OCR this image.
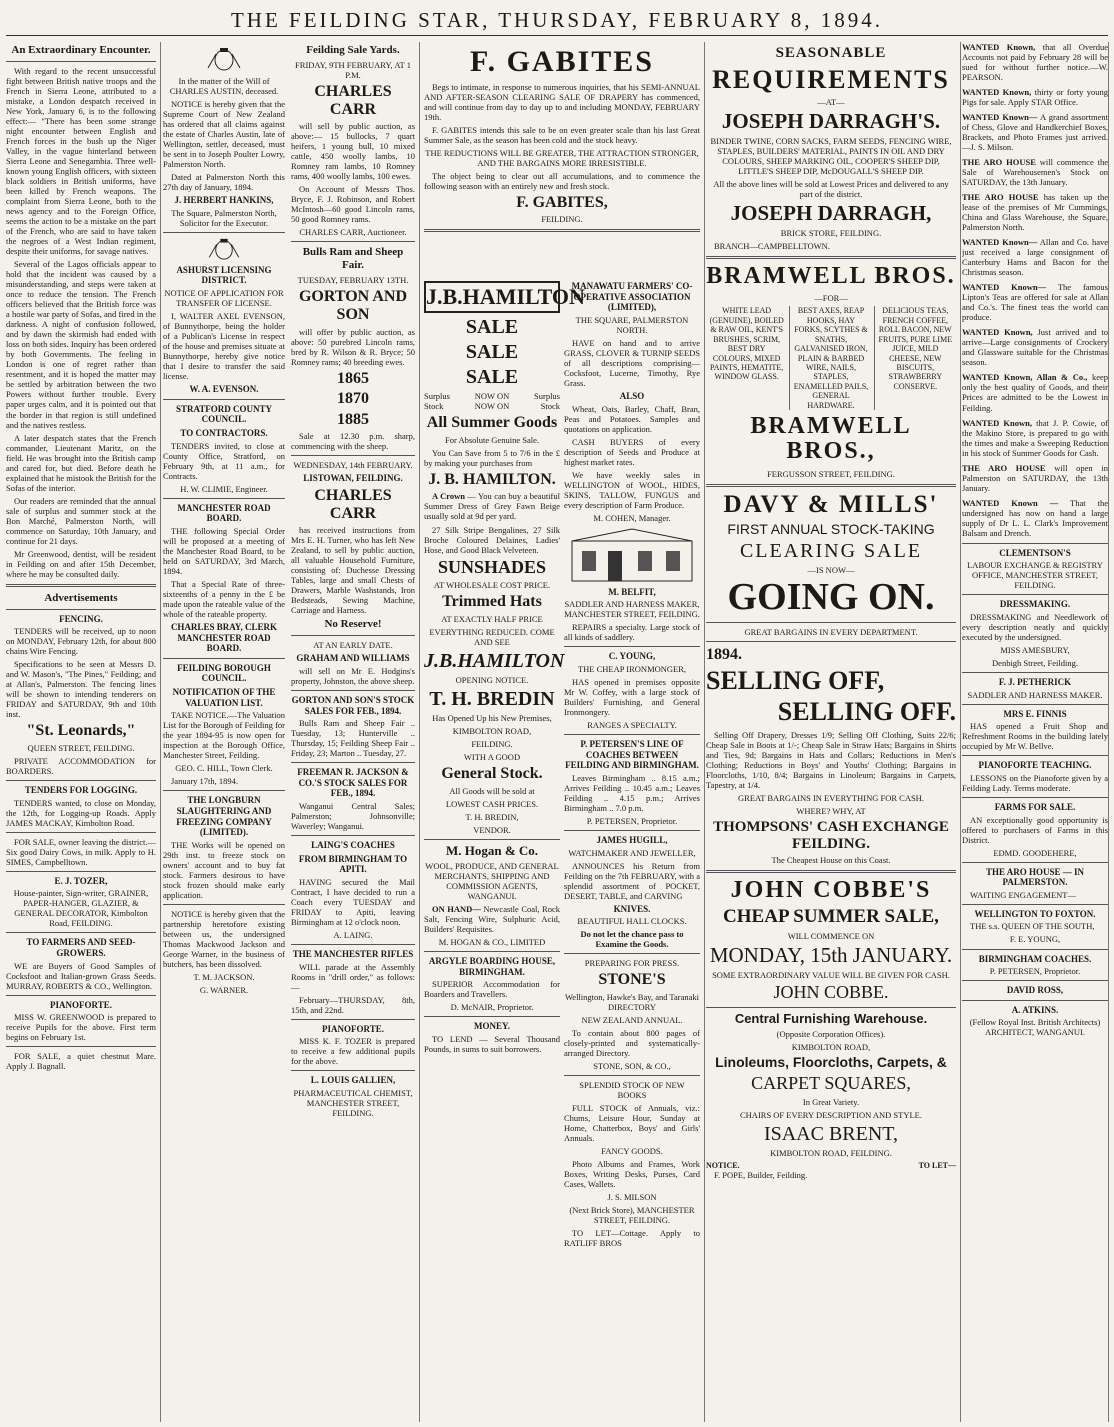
THE FEILDING STAR, THURSDAY, FEBRUARY 8, 1894.
An Extraordinary Encounter.

With regard to the recent unsuccessful fight between British native troops and the French in Sierra Leone, attributed to a mistake, a London despatch received in New York, January 6, is to the following effect:— "There has been some strange night encounter between English and French forces in the bush up the Niger Valley, in the vague hinterland between Sierra Leone and Senegambia. Three well-known young English officers, with sixteen black soldiers in British uniforms, have been killed by French weapons. The complaint from Sierra Leone, both to the news agency and to the Foreign Office, seems the action to be a mistake on the part of the French, who are said to have taken the negroes of a West Indian regiment, despite their uniforms, for savage natives.

Several of the Lagos officials appear to hold that the incident was caused by a misunderstanding, and steps were taken at once to reduce the tension. The French officers believed that the British force was a hostile war party of Sofas, and fired in the darkness. A night of confusion followed, and by dawn the skirmish had ended with loss on both sides. Inquiry has been ordered by both Governments. The feeling in London is one of regret rather than resentment, and it is hoped the matter may be settled by arbitration between the two Powers without further trouble. Every paper urges calm, and it is pointed out that the border in that region is still undefined and the natives restless.

A later despatch states that the French commander, Lieutenant Maritz, on the field. He was brought into the British camp and cared for, but died. Before death he explained that he mistook the British for the Sofas of the interior.

Our readers are reminded that the annual sale of surplus and summer stock at the Bon Marché, Palmerston North, will commence on Saturday, 10th January, and continue for 21 days.

Mr Greenwood, dentist, will be resident in Feilding on and after 15th December, where he may be consulted daily.

Advertisements
FENCING.

TENDERS will be received, up to noon on MONDAY, February 12th, for about 800 chains Wire Fencing.

Specifications to be seen at Messrs D. and W. Mason's, "The Pines," Feilding; and at Allan's, Palmerston. The fencing lines will be shown to intending tenderers on FRIDAY and SATURDAY, 9th and 10th inst.

"St. Leonards,"

QUEEN STREET, FEILDING.

PRIVATE ACCOMMODATION for BOARDERS.

TENDERS FOR LOGGING.

TENDERS wanted, to close on Monday, the 12th, for Logging-up Roads. Apply JAMES MACKAY, Kimbolton Road.

FOR SALE, owner leaving the district.—Six good Dairy Cows, in milk. Apply to H. SIMES, Campbelltown.

E. J. TOZER,

House-painter, Sign-writer, GRAINER, PAPER-HANGER, GLAZIER, & GENERAL DECORATOR, Kimbolton Road, FEILDING.

TO FARMERS AND SEED-GROWERS.

WE are Buyers of Good Samples of Cocksfoot and Italian-grown Grass Seeds. MURRAY, ROBERTS & CO., Wellington.

PIANOFORTE.

MISS W. GREENWOOD is prepared to receive Pupils for the above. First term begins on February 1st.

FOR SALE, a quiet chestnut Mare. Apply J. Bagnall.

In the matter of the Will of CHARLES AUSTIN, deceased.

NOTICE is hereby given that the Supreme Court of New Zealand has ordered that all claims against the estate of Charles Austin, late of Wellington, settler, deceased, must be sent in to Joseph Poulter Lowry, Palmerston North.

Dated at Palmerston North this 27th day of January, 1894.

J. HERBERT HANKINS,

The Square, Palmerston North, Solicitor for the Executor.

ASHURST LICENSING DISTRICT.

NOTICE OF APPLICATION FOR TRANSFER OF LICENSE.

I, WALTER AXEL EVENSON, of Bunnythorpe, being the holder of a Publican's License in respect of the house and premises situate at Bunnythorpe, hereby give notice that I desire to transfer the said license.

W. A. EVENSON.
STRATFORD COUNTY COUNCIL.
TO CONTRACTORS.

TENDERS invited, to close at County Office, Stratford, on February 9th, at 11 a.m., for Contracts.

H. W. CLIMIE, Engineer.

MANCHESTER ROAD BOARD.

THE following Special Order will be proposed at a meeting of the Manchester Road Board, to be held on SATURDAY, 3rd March, 1894.

That a Special Rate of three-sixteenths of a penny in the £ be made upon the rateable value of the whole of the rateable property.

CHARLES BRAY, CLERK MANCHESTER ROAD BOARD.
FEILDING BOROUGH COUNCIL.
NOTIFICATION OF THE VALUATION LIST.

TAKE NOTICE.—The Valuation List for the Borough of Feilding for the year 1894-95 is now open for inspection at the Borough Office, Manchester Street, Feilding.

GEO. C. HILL, Town Clerk.

January 17th, 1894.

THE LONGBURN SLAUGHTERING AND FREEZING COMPANY (LIMITED).

THE Works will be opened on 29th inst. to freeze stock on owners' account and to buy fat stock. Farmers desirous to have stock frozen should make early application.

NOTICE is hereby given that the partnership heretofore existing between us, the undersigned Thomas Mackwood Jackson and George Warner, in the business of butchers, has been dissolved.

T. M. JACKSON.

G. WARNER.

Feilding Sale Yards.

FRIDAY, 9TH FEBRUARY, AT 1 P.M.

CHARLES CARR

will sell by public auction, as above:— 15 bullocks, 7 quart heifers, 1 young bull, 10 mixed cattle, 450 woolly lambs, 10 Romney ram lambs, 10 Romney rams, 400 woolly lambs, 100 ewes.

On Account of Messrs Thos. Bryce, F. J. Robinson, and Robert McIntosh—60 good Lincoln rams, 50 good Romney rams.

CHARLES CARR, Auctioneer.

Bulls Ram and Sheep Fair.

TUESDAY, FEBRUARY 13TH.

GORTON AND SON

will offer by public auction, as above: 50 purebred Lincoln rams, bred by R. Wilson & R. Bryce; 50 Romney rams; 40 breeding ewes.

1865
1870
1885

Sale at 12.30 p.m. sharp, commencing with the sheep.

WEDNESDAY, 14th FEBRUARY.

LISTOWAN, FEILDING.
CHARLES CARR

has received instructions from Mrs E. H. Turner, who has left New Zealand, to sell by public auction, all valuable Household Furniture, consisting of: Duchesse Dressing Tables, large and small Chests of Drawers, Marble Washstands, Iron Bedsteads, Sewing Machine, Carriage and Harness.

No Reserve!

AT AN EARLY DATE.

GRAHAM AND WILLIAMS

will sell on Mr E. Hodgins's property, Johnston, the above sheep.

GORTON AND SON'S STOCK SALES FOR FEB., 1894.

Bulls Ram and Sheep Fair .. Tuesday, 13; Hunterville .. Thursday, 15; Feilding Sheep Fair .. Friday, 23; Marton .. Tuesday, 27.

FREEMAN R. JACKSON & CO.'S STOCK SALES FOR FEB., 1894.

Wanganui Central Sales; Palmerston; Johnsonville; Waverley; Wanganui.

LAING'S COACHES
FROM BIRMINGHAM TO APITI.

HAVING secured the Mail Contract, I have decided to run a Coach every TUESDAY and FRIDAY to Apiti, leaving Birmingham at 12 o'clock noon.

A. LAING.

THE MANCHESTER RIFLES

WILL parade at the Assembly Rooms in "drill order," as follows:—

February—THURSDAY, 8th, 15th, and 22nd.

PIANOFORTE.

MISS K. F. TOZER is prepared to receive a few additional pupils for the above.

L. LOUIS GALLIEN,

PHARMACEUTICAL CHEMIST, MANCHESTER STREET, FEILDING.

F. GABITES

Begs to intimate, in response to numerous inquiries, that his SEMI-ANNUAL AND AFTER-SEASON CLEARING SALE OF DRAPERY has commenced, and will continue from day to day up to and including MONDAY, FEBRUARY 19th.

F. GABITES intends this sale to be on even greater scale than his last Great Summer Sale, as the season has been cold and the stock heavy.

THE REDUCTIONS WILL BE GREATER, THE ATTRACTION STRONGER, AND THE BARGAINS MORE IRRESISTIBLE.

The object being to clear out all accumulations, and to commence the following season with an entirely new and fresh stock.

F. GABITES,

FEILDING.

J.B.HAMILTON
SALE
SALE
SALE
Surplus	NOW ON	Surplus
Stock	NOW ON	Stock
All Summer Goods

For Absolute Genuine Sale.

You Can Save from 5 to 7/6 in the £ by making your purchases from

J. B. HAMILTON.

A Crown — You can buy a beautiful Summer Dress of Grey Fawn Beige usually sold at 9d per yard.

27 Silk Stripe Bengalines, 27 Silk Broche Coloured Delaines, Ladies' Hose, and Good Black Velveteen.

SUNSHADES

AT WHOLESALE COST PRICE.

Trimmed Hats

AT EXACTLY HALF PRICE

EVERYTHING REDUCED. COME AND SEE

J.B.HAMILTON

OPENING NOTICE.

T. H. BREDIN

Has Opened Up his New Premises,

KIMBOLTON ROAD,

FEILDING.

WITH A GOOD

General Stock.

All Goods will be sold at

LOWEST CASH PRICES.

T. H. BREDIN,

VENDOR.

M. Hogan & Co.

WOOL, PRODUCE, AND GENERAL MERCHANTS, SHIPPING AND COMMISSION AGENTS, WANGANUI.

ON HAND— Newcastle Coal, Rock Salt, Fencing Wire, Sulphuric Acid, Builders' Requisites.

M. HOGAN & CO., LIMITED

ARGYLE BOARDING HOUSE, BIRMINGHAM.

SUPERIOR Accommodation for Boarders and Travellers.

D. McNAIR, Proprietor.

MONEY.

TO LEND — Several Thousand Pounds, in sums to suit borrowers.

MANAWATU FARMERS' CO-OPERATIVE ASSOCIATION (LIMITED),

THE SQUARE, PALMERSTON NORTH.

HAVE on hand and to arrive GRASS, CLOVER & TURNIP SEEDS of all descriptions comprising—Cocksfoot, Lucerne, Timothy, Rye Grass.

ALSO

Wheat, Oats, Barley, Chaff, Bran, Peas and Potatoes. Samples and quotations on application.

CASH BUYERS of every description of Seeds and Produce at highest market rates.

We have weekly sales in WELLINGTON of WOOL, HIDES, SKINS, TALLOW, FUNGUS and every description of Farm Produce.

M. COHEN, Manager.

M. BELFIT,

SADDLER AND HARNESS MAKER, MANCHESTER STREET, FEILDING.

REPAIRS a specialty. Large stock of all kinds of saddlery.

C. YOUNG,

THE CHEAP IRONMONGER,

HAS opened in premises opposite Mr W. Coffey, with a large stock of Builders' Furnishing, and General Ironmongery.

RANGES A SPECIALTY.

P. PETERSEN'S LINE OF COACHES BETWEEN FEILDING AND BIRMINGHAM.

Leaves Birmingham .. 8.15 a.m.; Arrives Feilding .. 10.45 a.m.; Leaves Feilding .. 4.15 p.m.; Arrives Birmingham .. 7.0 p.m.

P. PETERSEN, Proprietor.

JAMES HUGILL,

WATCHMAKER AND JEWELLER,

ANNOUNCES his Return from Feilding on the 7th FEBRUARY, with a splendid assortment of POCKET, DESERT, TABLE, and CARVING

KNIVES.

BEAUTIFUL HALL CLOCKS.

Do not let the chance pass to Examine the Goods.

PREPARING FOR PRESS.

STONE'S

Wellington, Hawke's Bay, and Taranaki DIRECTORY

NEW ZEALAND ANNUAL.

To contain about 800 pages of closely-printed and systematically-arranged Directory.

STONE, SON, & CO.,

SPLENDID STOCK OF NEW BOOKS

FULL STOCK of Annuals, viz.: Chums, Leisure Hour, Sunday at Home, Chatterbox, Boys' and Girls' Annuals.

FANCY GOODS.

Photo Albums and Frames, Work Boxes, Writing Desks, Purses, Card Cases, Wallets.

J. S. MILSON

(Next Brick Store), MANCHESTER STREET, FEILDING.

TO LET—Cottage. Apply to RATLIFF BROS

SEASONABLE
REQUIREMENTS

—AT—

JOSEPH DARRAGH'S.

BINDER TWINE, CORN SACKS, FARM SEEDS, FENCING WIRE, STAPLES, BUILDERS' MATERIAL, PAINTS IN OIL AND DRY COLOURS, SHEEP MARKING OIL, COOPER'S SHEEP DIP, LITTLE'S SHEEP DIP, McDOUGALL'S SHEEP DIP.

All the above lines will be sold at Lowest Prices and delivered to any part of the district.

JOSEPH DARRAGH,

BRICK STORE, FEILDING.

BRANCH—CAMPBELLTOWN.

BRAMWELL BROS.

—FOR—

WHITE LEAD (GENUINE), BOILED & RAW OIL, KENT'S BRUSHES, SCRIM, BEST DRY COLOURS, MIXED PAINTS, HEMATITE, WINDOW GLASS.
BEST AXES, REAP HOOKS, HAY FORKS, SCYTHES & SNATHS, GALVANISED IRON, PLAIN & BARBED WIRE, NAILS, STAPLES, ENAMELLED PAILS, GENERAL HARDWARE.
DELICIOUS TEAS, FRENCH COFFEE, ROLL BACON, NEW FRUITS, PURE LIME JUICE, MILD CHEESE, NEW BISCUITS, STRAWBERRY CONSERVE.
BRAMWELL BROS.,

FERGUSSON STREET, FEILDING.

DAVY & MILLS'
FIRST ANNUAL STOCK-TAKING
CLEARING SALE

—IS NOW—

GOING ON.

GREAT BARGAINS IN EVERY DEPARTMENT.

1894.
SELLING OFF,
SELLING OFF.

Selling Off Drapery, Dresses 1/9; Selling Off Clothing, Suits 22/6; Cheap Sale in Boots at 1/-; Cheap Sale in Straw Hats; Bargains in Shirts and Ties, 9d; Bargains in Hats and Collars; Reductions in Men's Clothing; Reductions in Boys' and Youths' Clothing; Bargains in Floorcloths, 1/10, 8/4; Bargains in Linoleum; Bargains in Carpets, Tapestry, at 1/4.

GREAT BARGAINS IN EVERYTHING FOR CASH.

WHERE? WHY, AT

THOMPSONS' CASH EXCHANGE FEILDING.

The Cheapest House on this Coast.

JOHN COBBE'S
CHEAP SUMMER SALE,

WILL COMMENCE ON

MONDAY, 15th JANUARY.

SOME EXTRAORDINARY VALUE WILL BE GIVEN FOR CASH.

JOHN COBBE.
Central Furnishing Warehouse.

(Opposite Corporation Offices).

KIMBOLTON ROAD,

Linoleums, Floorcloths, Carpets, &
CARPET SQUARES,

In Great Variety.

CHAIRS OF EVERY DESCRIPTION AND STYLE.

ISAAC BRENT,

KIMBOLTON ROAD, FEILDING.

NOTICE.	TO LET—

F. POPE, Builder, Feilding.

WANTED Known, that all Overdue Accounts not paid by February 28 will be sued for without further notice.—W. PEARSON.
WANTED Known, thirty or forty young Pigs for sale. Apply STAR Office.
WANTED Known— A grand assortment of Chess, Glove and Handkerchief Boxes, Brackets, and Photo Frames just arrived.—J. S. Milson.
THE ARO HOUSE will commence the Sale of Warehousemen's Stock on SATURDAY, the 13th January.
THE ARO HOUSE has taken up the lease of the premises of Mr Cummings, China and Glass Warehouse, the Square, Palmerston North.
WANTED Known— Allan and Co. have just received a large consignment of Canterbury Hams and Bacon for the Christmas season.
WANTED Known— The famous Lipton's Teas are offered for sale at Allan and Co.'s. The finest teas the world can produce.
WANTED Known, Just arrived and to arrive—Large consignments of Crockery and Glassware suitable for the Christmas season.
WANTED Known, Allan & Co., keep only the best quality of Goods, and their Prices are admitted to be the Lowest in Feilding.
WANTED Known, that J. P. Cowie, of the Makino Store, is prepared to go with the times and make a Sweeping Reduction in his stock of Summer Goods for Cash.
THE ARO HOUSE will open in Palmerston on SATURDAY, the 13th January.
WANTED Known — That the undersigned has now on hand a large supply of Dr L. L. Clark's Improvement Balsam and Drench.
CLEMENTSON'S

LABOUR EXCHANGE & REGISTRY OFFICE, MANCHESTER STREET, FEILDING.

DRESSMAKING.

DRESSMAKING and Needlework of every description neatly and quickly executed by the undersigned.

MISS AMESBURY,

Denbigh Street, Feilding.

F. J. PETHERICK

SADDLER AND HARNESS MAKER.

MRS E. FINNIS

HAS opened a Fruit Shop and Refreshment Rooms in the building lately occupied by Mr W. Bellve.

PIANOFORTE TEACHING.

LESSONS on the Pianoforte given by a Feilding Lady. Terms moderate.

FARMS FOR SALE.

AN exceptionally good opportunity is offered to purchasers of Farms in this District.

EDMD. GOODEHERE,

THE ARO HOUSE — IN PALMERSTON.

WAITING ENGAGEMENT—

WELLINGTON TO FOXTON.

THE s.s. QUEEN OF THE SOUTH,

F. E. YOUNG,

BIRMINGHAM COACHES.

P. PETERSEN, Proprietor.

DAVID ROSS,
A. ATKINS.

(Fellow Royal Inst. British Architects) ARCHITECT, WANGANUI.
